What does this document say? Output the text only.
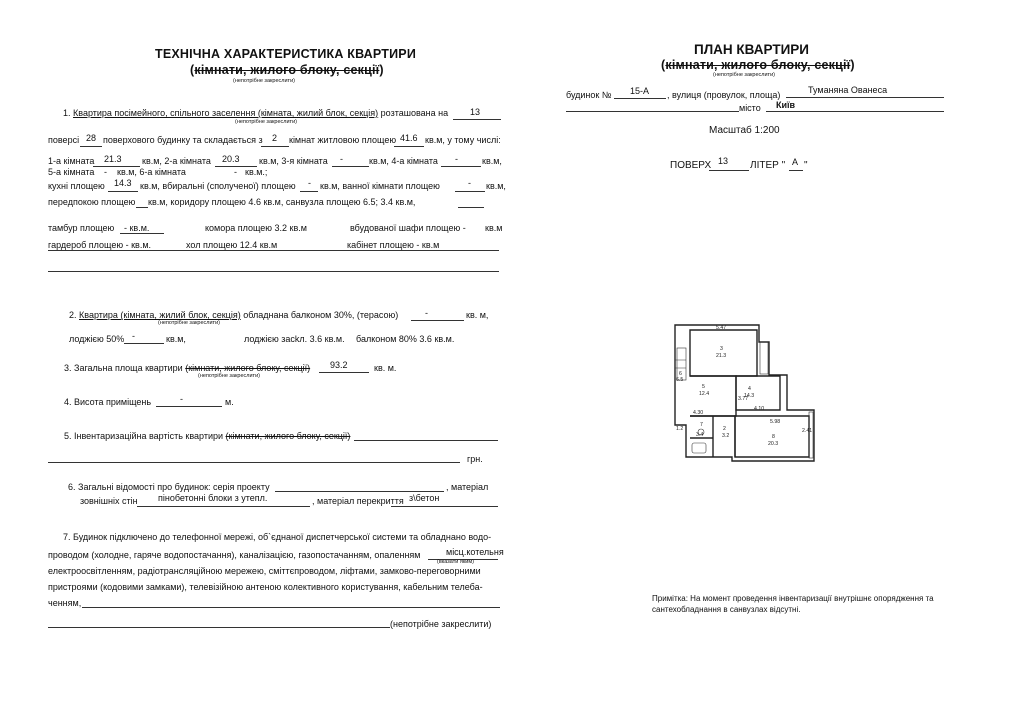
ТЕХНІЧНА ХАРАКТЕРИСТИКА КВАРТИРИ
(кімнати, жилого блоку, секції)
(непотрібне закреслити)
1. Квартира посімейного, спільного заселення (кімната, жилий блок, секція) розташована на 13
(непотрібне закреслити)
поверсі 28 поверхового будинку та складається з 2 кімнат житловою площею 41.6 кв.м, у тому числі:
1-а кімната 21.3 кв.м, 2-а кімната 20.3 кв.м, 3-я кімната -	кв.м, 4-а кімната -	кв.м,
5-а кімната - кв.м, 6-а кімната	- кв.м.;
кухні площею 14.3 кв.м, вбиральні (сполученої) площею - кв.м, ванної кімнати площею	- кв.м,
передпокою площею кв.м, коридору площею 4.6 кв.м, санвузла площею 6.5; 3.4 кв.м,
тамбур площею - кв.м.	комора площею 3.2 кв.м	вбудованої шафи площею - кв.м
гардероб площею - кв.м.	хол площею 12.4 кв.м	кабінет площею - кв.м
2. Квартира (кімната, жилий блок, секція) обладнана балконом 30%, (терасою)	-	кв. м,
(непотрібне закреслити)
лоджією 50% -	кв.м,	лоджією засkл. 3.6 кв.м. балконом 80% 3.6 кв.м.
3. Загальна площа квартири (кімнати, жилого блоку, секції) 93.2	кв. м.
(непотрібне закреслити)
4. Висота приміщень	-	м.
5. Інвентаризаційна вартість квартири (кімнати, жилого блоку, секції)
грн.
6. Загальні відомості про будинок: серія проекту	, матеріал
зовнішніх стін пінобетонні блоки з утепл.	, матеріал перекриття з\бетон
7. Будинок підключено до телефонної мережі, об`єднаної диспетчерської системи та обладнано водо-
проводом (холодне, гаряче водопостачання), каналізацією, газопостачанням, опаленням	місц.котельня
(вказати яким)
електроосвітленням, радіотрансляційною мережею, сміттєпроводом, ліфтами, замково-переговорними
пристроями (кодовими замками), телевізійною антеною колективного користування, кабельним телеба-
ченням,
(непотрібне закреслити)
ПЛАН КВАРТИРИ
(кімнати, жилого блоку, секції)
(непотрібне закреслити)
будинок № 15-А , вулиця (провулок, площа)	Туманяна Ованеса
місто Київ
Масштаб 1:200
ПОВЕРХ 13 ЛІТЕР " А "
5.47
3
21.3
6
6.5
5
12.4
4
14.3
3.77
4.10
4.30
2
3.2
7
3.4
5.98
8
20.3
2.41
1.2
Примітка: На момент проведення інвентаризації внутрішнє опорядження та
сантехобладнання в санвузлах відсутні.
